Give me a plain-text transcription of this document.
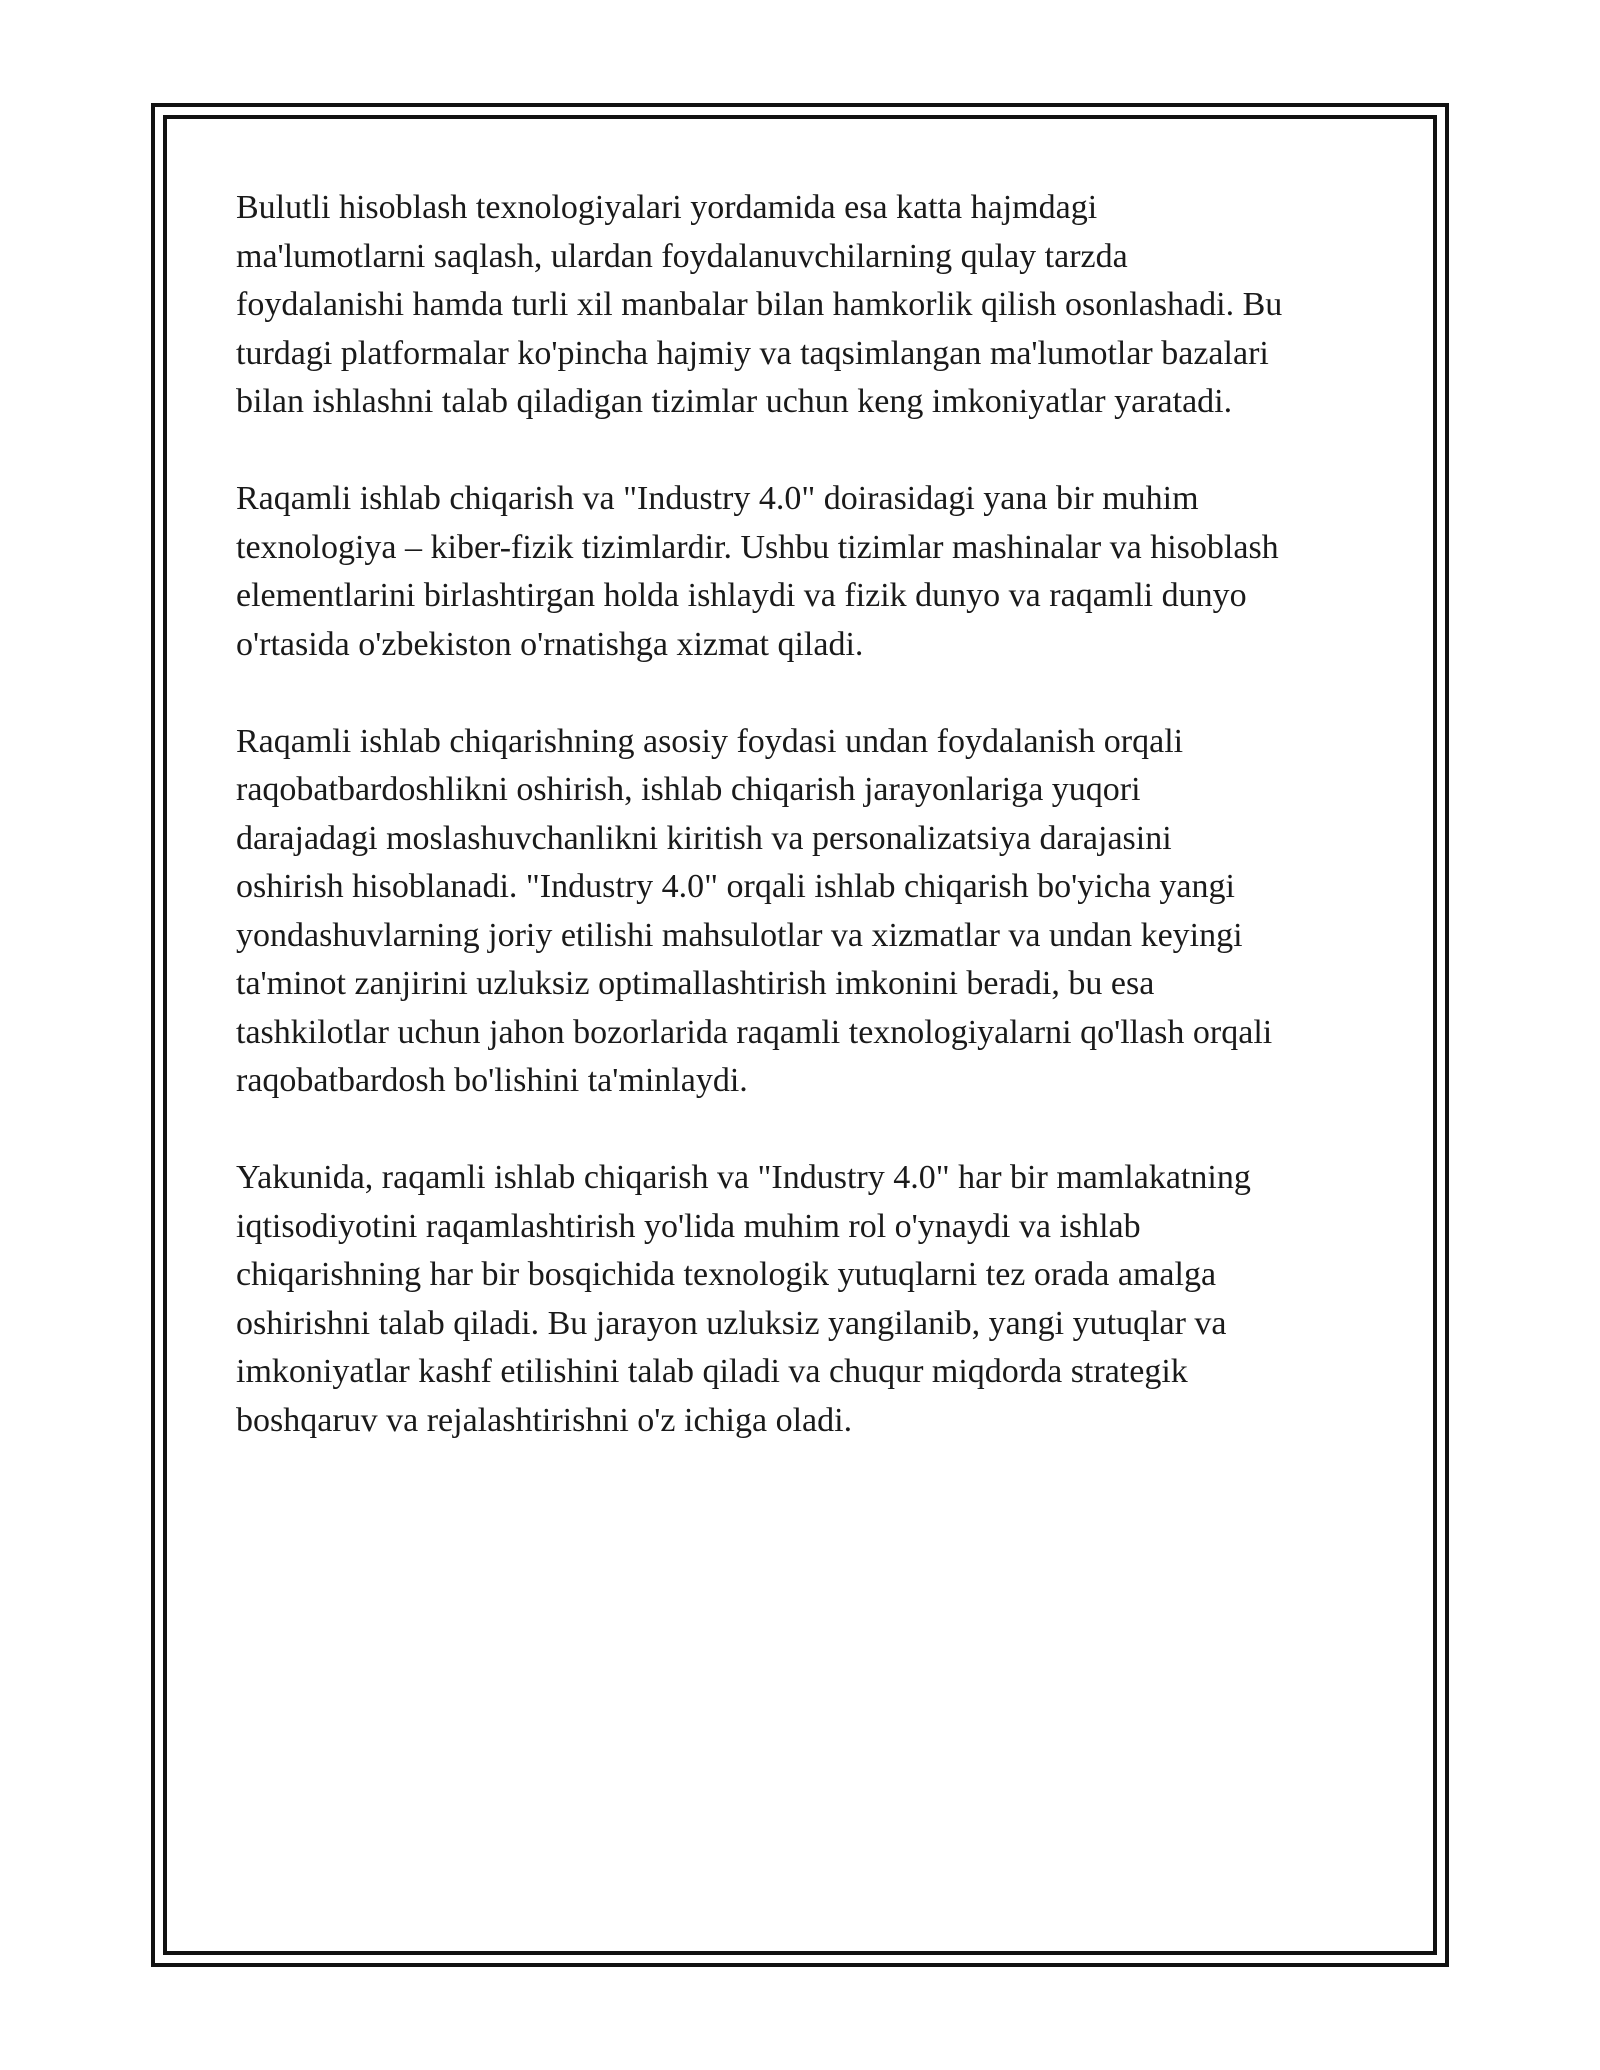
Bulutli hisoblash texnologiyalari yordamida esa katta hajmdagi
ma'lumotlarni saqlash, ulardan foydalanuvchilarning qulay tarzda
foydalanishi hamda turli xil manbalar bilan hamkorlik qilish osonlashadi. Bu
turdagi platformalar ko'pincha hajmiy va taqsimlangan ma'lumotlar bazalari
bilan ishlashni talab qiladigan tizimlar uchun keng imkoniyatlar yaratadi.

Raqamli ishlab chiqarish va "Industry 4.0" doirasidagi yana bir muhim
texnologiya – kiber-fizik tizimlardir. Ushbu tizimlar mashinalar va hisoblash
elementlarini birlashtirgan holda ishlaydi va fizik dunyo va raqamli dunyo
o'rtasida o'zbekiston o'rnatishga xizmat qiladi.

Raqamli ishlab chiqarishning asosiy foydasi undan foydalanish orqali
raqobatbardoshlikni oshirish, ishlab chiqarish jarayonlariga yuqori
darajadagi moslashuvchanlikni kiritish va personalizatsiya darajasini
oshirish hisoblanadi. "Industry 4.0" orqali ishlab chiqarish bo'yicha yangi
yondashuvlarning joriy etilishi mahsulotlar va xizmatlar va undan keyingi
ta'minot zanjirini uzluksiz optimallashtirish imkonini beradi, bu esa
tashkilotlar uchun jahon bozorlarida raqamli texnologiyalarni qo'llash orqali
raqobatbardosh bo'lishini ta'minlaydi.

Yakunida, raqamli ishlab chiqarish va "Industry 4.0" har bir mamlakatning
iqtisodiyotini raqamlashtirish yo'lida muhim rol o'ynaydi va ishlab
chiqarishning har bir bosqichida texnologik yutuqlarni tez orada amalga
oshirishni talab qiladi. Bu jarayon uzluksiz yangilanib, yangi yutuqlar va
imkoniyatlar kashf etilishini talab qiladi va chuqur miqdorda strategik
boshqaruv va rejalashtirishni o'z ichiga oladi.
